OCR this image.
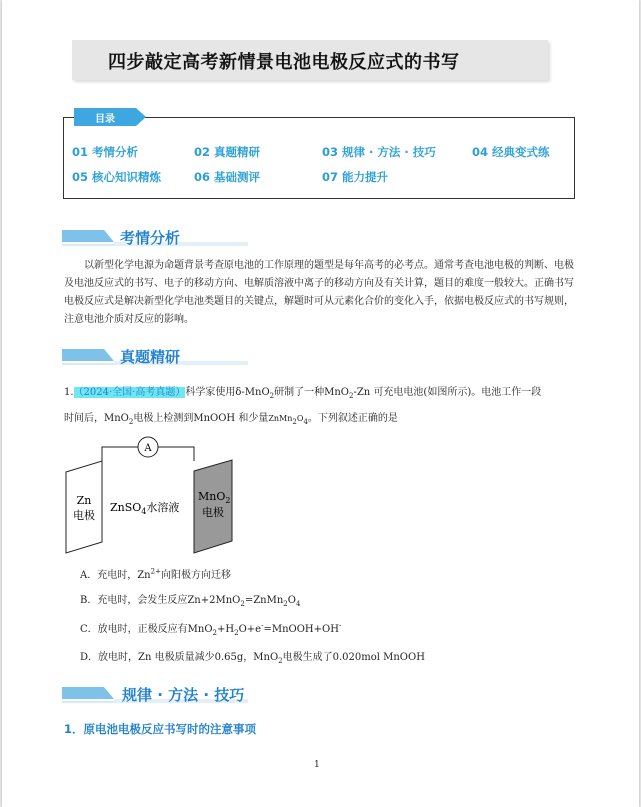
四步敲定高考新情景电池电极反应式的书写
目录
01 考情分析	02 真题精研	03 规律 · 方法 · 技巧	04 经典变式练
05 核心知识精炼	06 基础测评	07 能力提升
考情分析
以新型化学电源为命题背景考查原电池的工作原理的题型是每年高考的必考点。通常考查电池电极的判断、电极及电池反应式的书写、电子的移动方向、电解质溶液中离子的移动方向及有关计算，题目的难度一般较大。正确书写电极反应式是解决新型化学电池类题目的关键点，解题时可从元素化合价的变化入手，依据电极反应式的书写规则，注意电池介质对反应的影响。
真题精研
1.（2024·全国·高考真题）科学家使用δ-MnO$_2$研制了一种MnO$_2$-Zn 可充电电池(如图所示)。电池工作一段
时间后，MnO$_2$电极上检测到MnOOH 和少量$ZnMn_2O_4$。下列叙述正确的是
A
Zn
电极
ZnSO$_4$水溶液
MnO$_2$
电极
A．充电时，$Zn^{2+}$向阳极方向迁移
B．充电时，会发生反应$Zn+2MnO_2=ZnMn_2O_4$
C．放电时，正极反应有$MnO_2+H_2O+e^-=MnOOH+OH^-$
D．放电时，Zn 电极质量减少0.65g，MnO$_2$电极生成了0.020mol MnOOH
规律 · 方法 · 技巧
1．原电池电极反应书写时的注意事项
1
